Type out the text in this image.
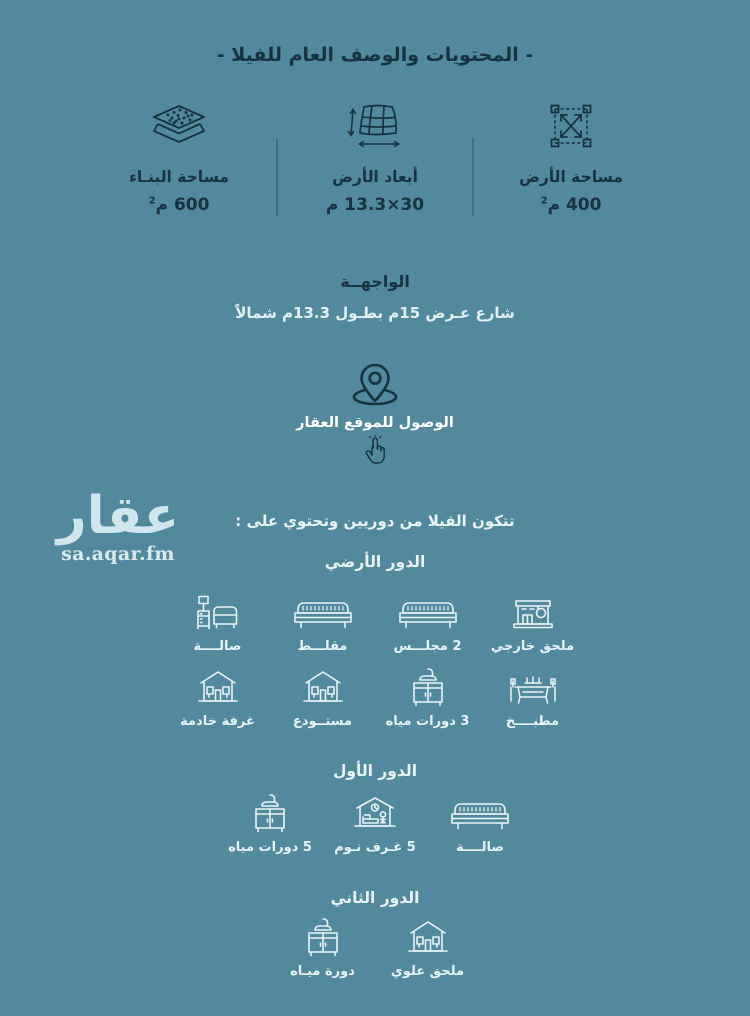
- المحتويات والوصف العام للفيلا -
مساحة البنـاء
600 م$^2$
أبعاد الأرض
30×13.3 م
مساحة الأرض
400 م$^2$
الواجهــة
شارع عـرض 15م بطـول 13.3م شمالاً
الوصول للموقع العقار
عقار
sa.aqar.fm
تتكون الفيلا من دوريين وتحتوي على :
الدور الأرضي
صالــــة	مقلـــط	2 مجلـــس ملحق خارجي
غرفة خادمة	مستــودع	3 دورات مياه	مطبــــخ
الدور الأول
5 دورات مياه 5 غـرف نـوم	صالــــة
الدور الثاني
دورة ميـاه	ملحق علوي
